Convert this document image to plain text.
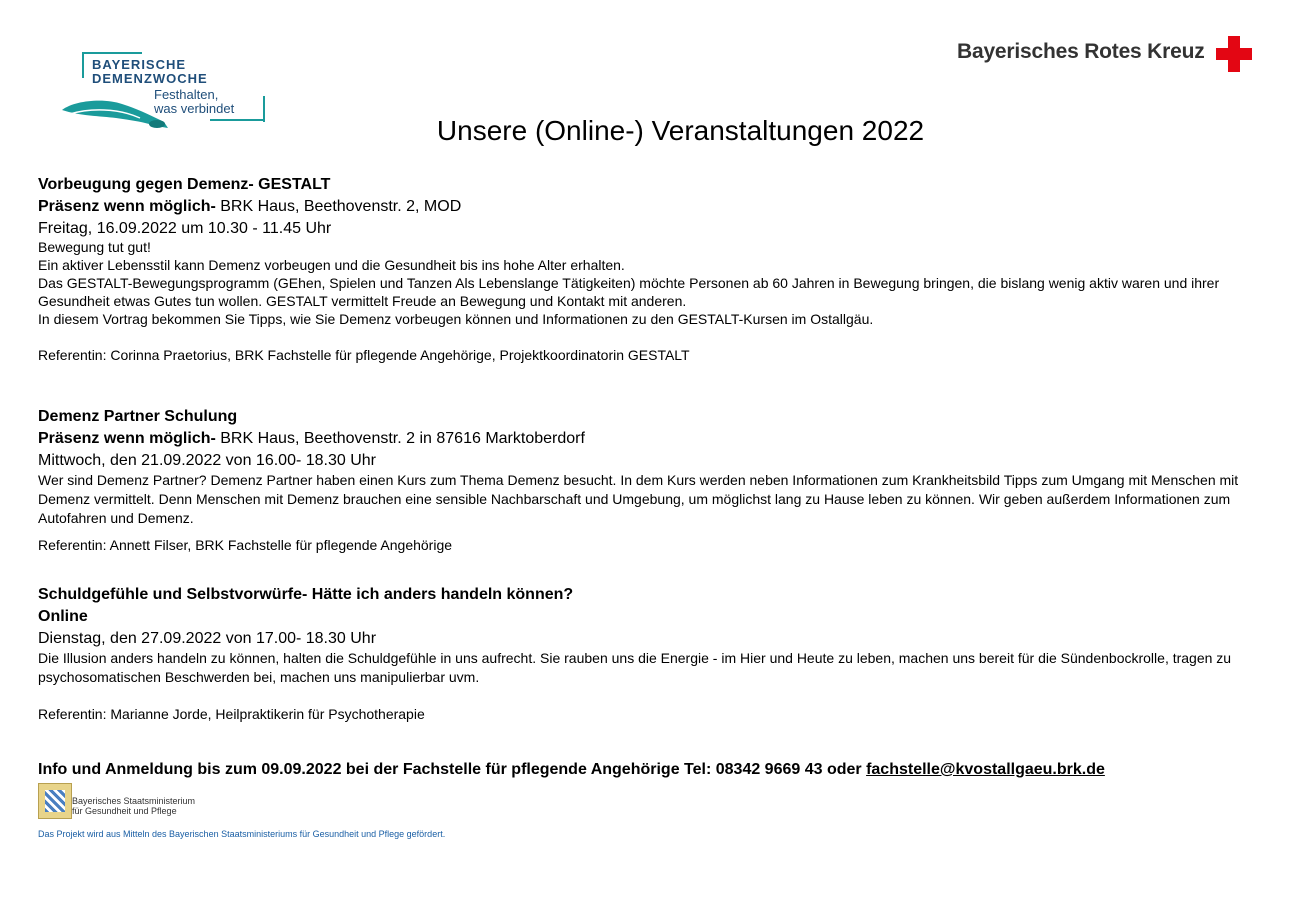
BAYERISCHE
DEMENZWOCHE
Festhalten,
was verbindet
Bayerisches Rotes Kreuz
Unsere (Online-) Veranstaltungen 2022
Vorbeugung gegen Demenz- GESTALT
Präsenz wenn möglich- BRK Haus, Beethovenstr. 2, MOD
Freitag, 16.09.2022 um 10.30 - 11.45 Uhr
Bewegung tut gut!
Ein aktiver Lebensstil kann Demenz vorbeugen und die Gesundheit bis ins hohe Alter erhalten.
Das GESTALT-Bewegungsprogramm (GEhen, Spielen und Tanzen Als Lebenslange Tätigkeiten) möchte Personen ab 60 Jahren in Bewegung bringen, die bislang wenig aktiv waren und ihrer Gesundheit etwas Gutes tun wollen. GESTALT vermittelt Freude an Bewegung und Kontakt mit anderen.
In diesem Vortrag bekommen Sie Tipps, wie Sie Demenz vorbeugen können und Informationen zu den GESTALT-Kursen im Ostallgäu.
Referentin: Corinna Praetorius, BRK Fachstelle für pflegende Angehörige, Projektkoordinatorin GESTALT
Demenz Partner Schulung
Präsenz wenn möglich- BRK Haus, Beethovenstr. 2 in 87616 Marktoberdorf
Mittwoch, den 21.09.2022 von 16.00- 18.30 Uhr
Wer sind Demenz Partner? Demenz Partner haben einen Kurs zum Thema Demenz besucht. In dem Kurs werden neben Informationen zum Krankheitsbild Tipps zum Umgang mit Menschen mit Demenz vermittelt. Denn Menschen mit Demenz brauchen eine sensible Nachbarschaft und Umgebung, um möglichst lang zu Hause leben zu können. Wir geben außerdem Informationen zum Autofahren und Demenz.
Referentin: Annett Filser, BRK Fachstelle für pflegende Angehörige
Schuldgefühle und Selbstvorwürfe- Hätte ich anders handeln können?
Online
Dienstag, den 27.09.2022 von 17.00- 18.30 Uhr
Die Illusion anders handeln zu können, halten die Schuldgefühle in uns aufrecht. Sie rauben uns die Energie - im Hier und Heute zu leben, machen uns bereit für die Sündenbockrolle, tragen zu psychosomatischen Beschwerden bei, machen uns manipulierbar uvm.
Referentin: Marianne Jorde, Heilpraktikerin für Psychotherapie
Info und Anmeldung bis zum 09.09.2022 bei der Fachstelle für pflegende Angehörige Tel: 08342 9669 43 oder fachstelle@kvostallgaeu.brk.de
Bayerisches Staatsministerium
für Gesundheit und Pflege
Das Projekt wird aus Mitteln des Bayerischen Staatsministeriums für Gesundheit und Pflege gefördert.
